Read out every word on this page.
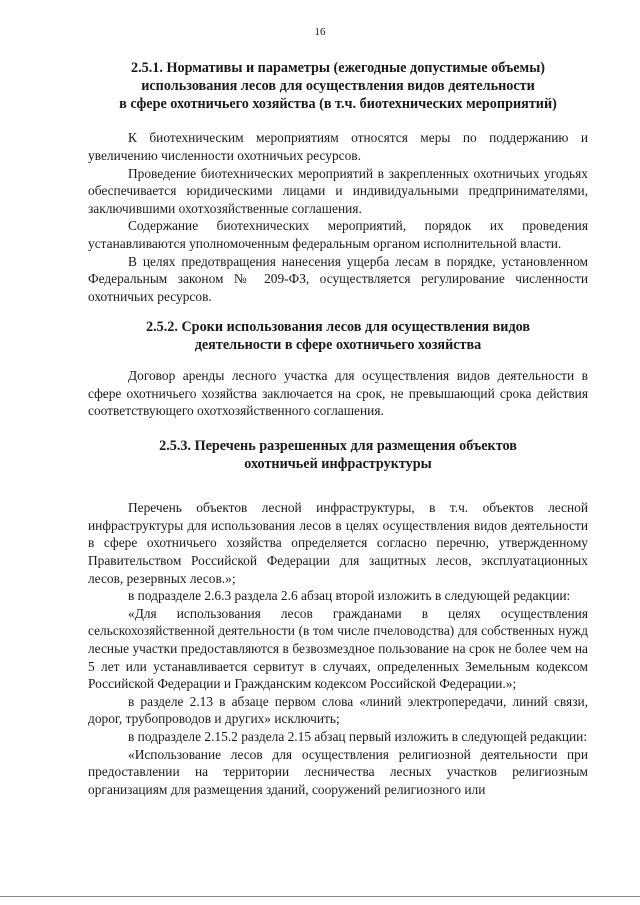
16
2.5.1. Нормативы и параметры (ежегодные допустимые объемы)
использования лесов для осуществления видов деятельности
в сфере охотничьего хозяйства (в т.ч. биотехнических мероприятий)

К биотехническим мероприятиям относятся меры по поддержанию и увеличению численности охотничьих ресурсов.

Проведение биотехнических мероприятий в закрепленных охотничьих угодьях обеспечивается юридическими лицами и индивидуальными предпринимателями, заключившими охотхозяйственные соглашения.

Содержание биотехнических мероприятий, порядок их проведения устанавливаются уполномоченным федеральным органом исполнительной власти.

В целях предотвращения нанесения ущерба лесам в порядке, установленном Федеральным законом № 209-ФЗ, осуществляется регулирование численности охотничьих ресурсов.

2.5.2. Сроки использования лесов для осуществления видов
деятельности в сфере охотничьего хозяйства

Договор аренды лесного участка для осуществления видов деятельности в сфере охотничьего хозяйства заключается на срок, не превышающий срока действия соответствующего охотхозяйственного соглашения.

2.5.3. Перечень разрешенных для размещения объектов
охотничьей инфраструктуры

Перечень объектов лесной инфраструктуры, в т.ч. объектов лесной инфраструктуры для использования лесов в целях осуществления видов деятельности в сфере охотничьего хозяйства определяется согласно перечню, утвержденному Правительством Российской Федерации для защитных лесов, эксплуатационных лесов, резервных лесов.»;

в подразделе 2.6.3 раздела 2.6 абзац второй изложить в следующей редакции:

«Для использования лесов гражданами в целях осуществления сельскохозяйственной деятельности (в том числе пчеловодства) для собственных нужд лесные участки предоставляются в безвозмездное пользование на срок не более чем на 5 лет или устанавливается сервитут в случаях, определенных Земельным кодексом Российской Федерации и Гражданским кодексом Российской Федерации.»;

в разделе 2.13 в абзаце первом слова «линий электропередачи, линий связи, дорог, трубопроводов и других» исключить;

в подразделе 2.15.2 раздела 2.15 абзац первый изложить в следующей редакции:

«Использование лесов для осуществления религиозной деятельности при предоставлении на территории лесничества лесных участков религиозным организациям для размещения зданий, сооружений религиозного или
